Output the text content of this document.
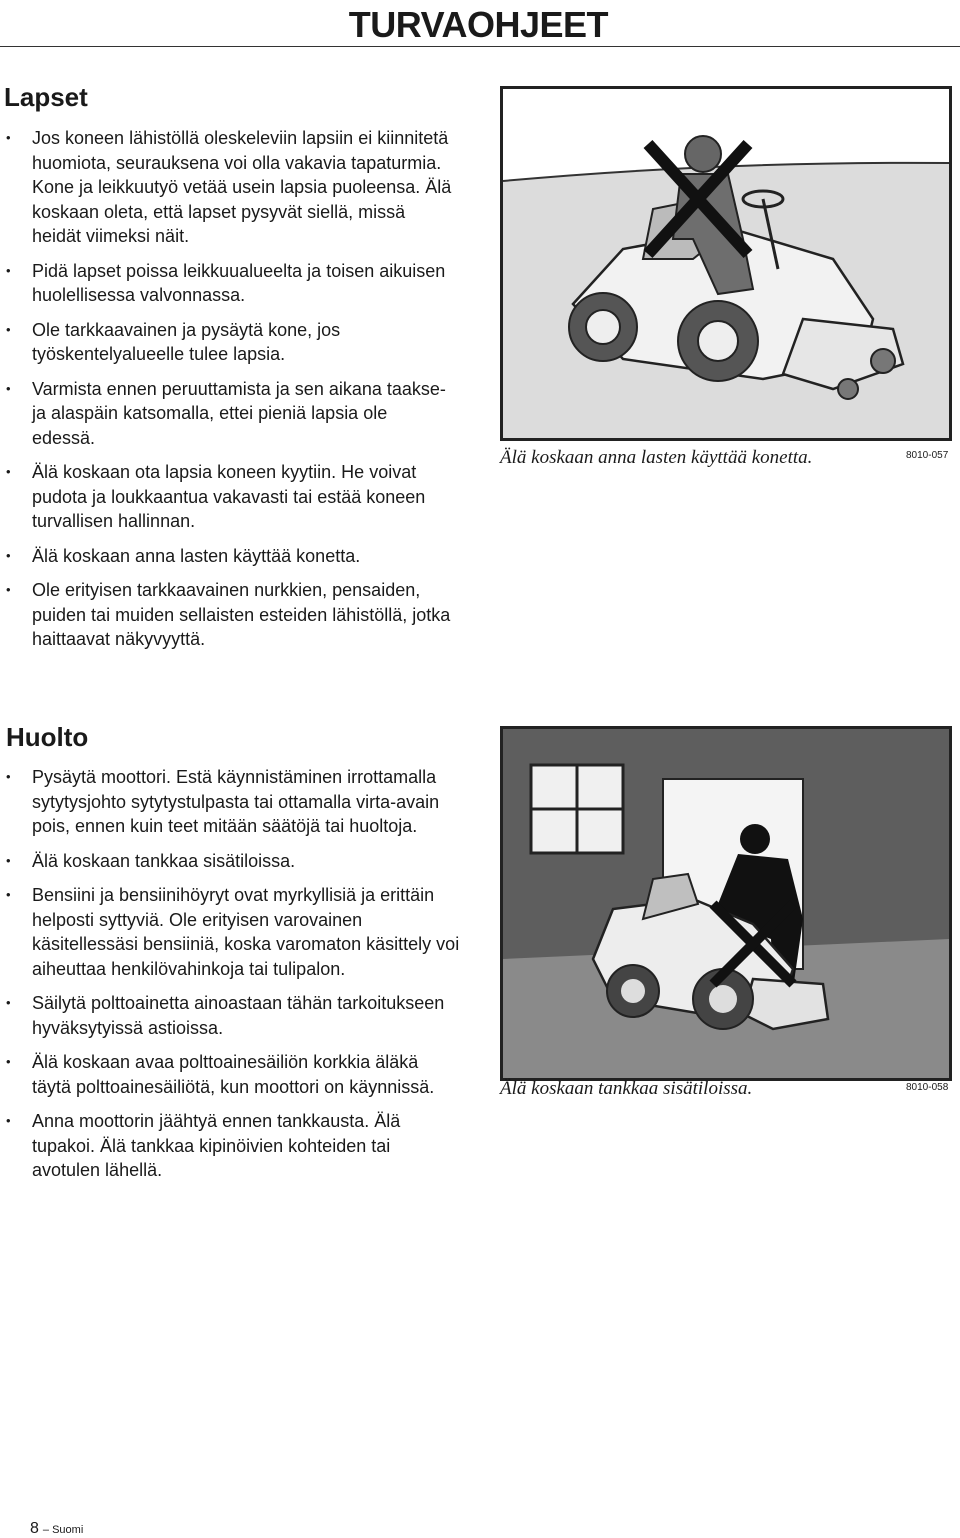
TURVAOHJEET
Lapset
• Jos koneen lähistöllä oleskeleviin lapsiin ei kiinnitetä huomiota, seurauksena voi olla vakavia tapaturmia. Kone ja leikkuutyö vetää usein lapsia puoleensa. Älä koskaan oleta, että lapset pysyvät siellä, missä heidät viimeksi näit.
• Pidä lapset poissa leikkuualueelta ja toisen aikuisen huolellisessa valvonnassa.
• Ole tarkkaavainen ja pysäytä kone, jos työskentelyalueelle tulee lapsia.
• Varmista ennen peruuttamista ja sen aikana taakse- ja alaspäin katsomalla, ettei pieniä lapsia ole edessä.
• Älä koskaan ota lapsia koneen kyytiin. He voivat pudota ja loukkaantua vakavasti tai estää koneen turvallisen hallinnan.
• Älä koskaan anna lasten käyttää konetta.
• Ole erityisen tarkkaavainen nurkkien, pensaiden, puiden tai muiden sellaisten esteiden lähistöllä, jotka haittaavat näkyvyyttä.
Älä koskaan anna lasten käyttää konetta.	8010-057
Huolto
• Pysäytä moottori. Estä käynnistäminen irrottamalla sytytysjohto sytytystulpasta tai ottamalla virta-avain pois, ennen kuin teet mitään säätöjä tai huoltoja.
• Älä koskaan tankkaa sisätiloissa.
• Bensiini ja bensiinihöyryt ovat myrkyllisiä ja erittäin helposti syttyviä. Ole erityisen varovainen käsitellessäsi bensiiniä, koska varomaton käsittely voi aiheuttaa henkilövahinkoja tai tulipalon.
• Säilytä polttoainetta ainoastaan tähän tarkoitukseen hyväksytyissä astioissa.
• Älä koskaan avaa polttoainesäiliön korkkia äläkä täytä polttoainesäiliötä, kun moottori on käynnissä.
• Anna moottorin jäähtyä ennen tankkausta. Älä tupakoi. Älä tankkaa kipinöivien kohteiden tai avotulen lähellä.
Älä koskaan tankkaa sisätiloissa.	8010-058
8 – Suomi
